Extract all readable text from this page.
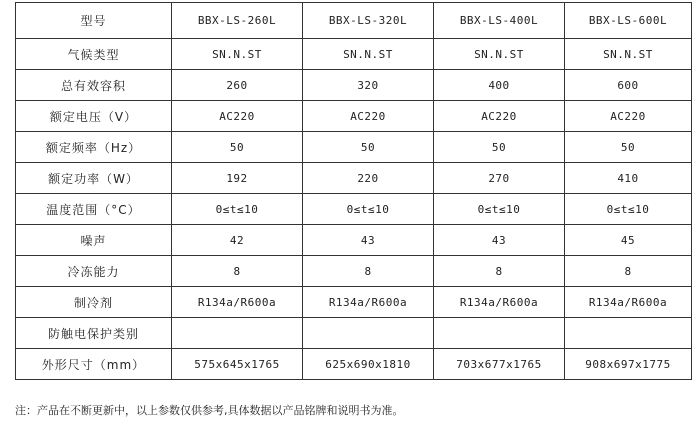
型号	BBX-LS-260L	BBX-LS-320L	BBX-LS-400L	BBX-LS-600L
气候类型	SN.N.ST	SN.N.ST	SN.N.ST	SN.N.ST
总有效容积	260	320	400	600
额定电压（V）	AC220	AC220	AC220	AC220
额定频率（Hz）	50	50	50	50
额定功率（W）	192	220	270	410
温度范围（°C）	0≤t≤10	0≤t≤10	0≤t≤10	0≤t≤10
噪声	42	43	43	45
冷冻能力	8	8	8	8
制冷剂	R134a/R600a	R134a/R600a	R134a/R600a	R134a/R600a
防触电保护类别				
外形尺寸（mm）	575x645x1765	625x690x1810	703x677x1765	908x697x1775
注：产品在不断更新中，以上参数仅供参考,具体数据以产品铭牌和说明书为准。
